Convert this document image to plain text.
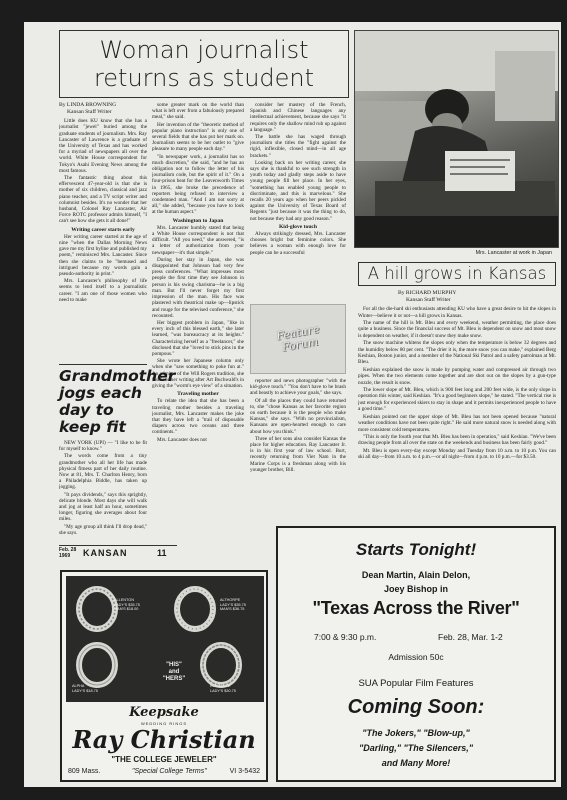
Woman journalist
returns as student
By LINDA BROWNING
Kansan Staff Writer

Little does KU know that she has a journalist "jewel" buried among the graduate students of journalism. Mrs. Ray Lancaster of Lawrence is a graduate of the University of Texas and has worked for a myriad of newspapers all over the world. White House correspondent for Tokyo's Asahi Evening News among the most famous.

The fantastic thing about this effervescent 47-year-old is that she is mother of six children, classical and jazz piano teacher, and a TV script writer and columnist besides. It's no wonder that her husband, Colonel Ray Lancaster, Air Force ROTC professor admits himself, "I can't see how she gets it all done!"

Writing career starts early

Her writing career started at the age of nine "when the Dallas Morning News gave me my first byline and published my poem," reminisced Mrs. Lancaster. Since then she claims to be "bemused and intrigued because my words gain a pseudo-authority in print."

Mrs. Lancaster's philosophy of life seems to lend itself to a journalistic career. "I am one of those women who need to make

Grandmother jogs each day to keep fit

NEW YORK (UPI) — "I like to be fit for myself to know."

The words come from a tiny grandmother who all her life has made physical fitness part of her daily routine. Now at 81, Mrs. T. Charlton Henry, born a Philadelphia Biddle, has taken up jogging.

"It pays dividends," says this sprightly, delicate blonde. Most days she will walk and jog at least half an hour, sometimes longer, figuring she averages about four miles.

"My age group all think I'll drop dead," she says.

Feb. 28
1969	KANSAN	11

some greater mark on the world than what is left over from a fabulously prepared meal," she said.

Her invention of the "theoretic method of popular piano instruction" is only one of several fields that she has put her mark on. Journalism seems to be her outlet to "give pleasure to many people each day."

"In newspaper work, a journalist has so much discretion," she said, "and he has an obligation not to follow the letter of his journalism code, but the spirit of it." On a four-prison beat for the Leavenworth Times in 1965, she broke the precedence of reporters being refused to interview a condemned man. "And I am not sorry at all," she added, "because you have to look at the human aspect."

Washington to Japan

Mrs. Lancaster humbly stated that being a White House correspondent is not that difficult. "All you need," she answered, "is a letter of authorization from your newspaper—it's that simple."

During her stay in Japan, she was disappointed that Johnson had very few press conferences. "What impresses most people the first time they see Johnson in person is his swing charisma—he is a big man. But I'll never forget my first impression of the man. His face was plastered with theatrical make up—lipstick and rouge for the televised conference," she recounted.

Her biggest problem in Japan, "like in every inch of this blessed earth," she later learned, "was bureaucracy at its heights." Characterizing herself as a "freelancer," she disclosed that she "loved to stick pins in the pompous."

She wrote her Japanese column only when she "saw something to poke fun at." An admirer of the Will Rogers tradition, she fashions her writing after Art Buchwald's in giving the "worm's eye view" of a situation.

Traveling mother

To relate the idea that she has been a traveling mother besides a traveling journalist, Mrs. Lancaster makes the joke that they have left a "trail of disposable diapers across two oceans and three continents."

Mrs. Lancaster does not

consider her mastery of the French, Spanish and Chinese languages any intellectual achievement, because she says "it requires only the shallow mind rub up against a language."

The battle she has waged through journalism she titles the "fight against the rigid, inflexible, closed mind—in all age brackets."

Looking back on her writing career, she says she is thankful to see such strength in youth today and gladly steps aside to have young people fill her place. In her eyes, "something has enabled young people to discriminate, and this is marvelous." She recalls 20 years ago when her peers pickled against the University of Texas Board of Regents "just because it was the thing to do, not because they had any good reason."

Kid-glove touch

Always strikingly dressed, Mrs. Lancaster chooses bright but feminine colors. She believes a woman with enough love for people can be a successful

Feature Forum

reporter and news photographer "with the kid-glove touch." "You don't have to be brash and beastly to achieve your goals," she says.

Of all the places they could have returned to, she "chose Kansas as her favorite region on earth because it is the people who make Kansas," she says. "With no provincialism, Kansans are open-hearted enough to care about how you think."

Three of her sons also consider Kansas the place for higher education. Ray Lancaster Jr. is in his first year of law school. Burt, recently returning from Viet Nam in the Marine Corps is a freshman along with his younger brother, Bill.

Mrs. Lancaster at work in Japan
A hill grows in Kansas
By RICHARD MURPHY
Kansan Staff Writer

For all the die-hard ski enthusiasts attending KU who have a great desire to hit the slopes in Winter—believe it or not—a hill grows in Kansas.

The name of the hill is Mt. Bleu and every weekend, weather permitting, the place does quite a business. Since the financial success of Mt. Bleu is dependent on snow and most snow is dependent on weather, if it doesn't snow they make snow.

The snow machine whitens the slopes only when the temperature is below 32 degrees and the humidity below 80 per cent. "The drier it is, the more snow you can make," explained Berg Keshian, Boston junior, and a member of the National Ski Patrol and a safety patrolman at Mt. Bleu.

Keshian explained the snow is made by pumping water and compressed air through two pipes. When the two elements come together and are shot out on the slopes by a gun-type nozzle, the result is snow.

The lower slope of Mt. Bleu, which is 900 feet long and 200 feet wide, is the only slope in operation this winter, said Keshian. "It's a good beginners slope," he stated. "The vertical rise is just enough for experienced skiers to stay in shape and it permits inexperienced people to have a good time."

Keshian pointed out the upper slope of Mt. Bleu has not been opened because "natural weather conditions have not been quite right." He said more natural snow is needed along with more consistent cold temperatures.

"This is only the fourth year that Mt. Bleu has been in operation," said Keshian. "We've been drawing people from all over the state on the weekends and business has been fairly good."

Mt. Bleu is open every-day except Monday and Tuesday from 10 a.m. to 10 p.m. You can ski all day—from 10 a.m. to 4 p.m.—or all night—from 4 p.m. to 10 p.m.—for $3.50.

ALLENTON
LADY'S $35.75
MAN'S $18.00
ALTHORPE
LADY'S $35.75
MAN'S $36.75
ALPHA
LADY'S $18.75
ELEGANTE
LADY'S $30.75
"HIS"
and
"HERS"
Keepsake
WEDDING RINGS
Ray Christian
"THE COLLEGE JEWELER"
809 Mass.	"Special College Terms"	VI 3-5432
Starts Tonight!
Dean Martin, Alain Delon,
Joey Bishop in
"Texas Across the River"
7:00 & 9:30 p.m.	Feb. 28, Mar. 1-2
Admission 50c
SUA Popular Film Features
Coming Soon:
"The Jokers," "Blow-up,"
"Darling," "The Silencers,"
and Many More!
